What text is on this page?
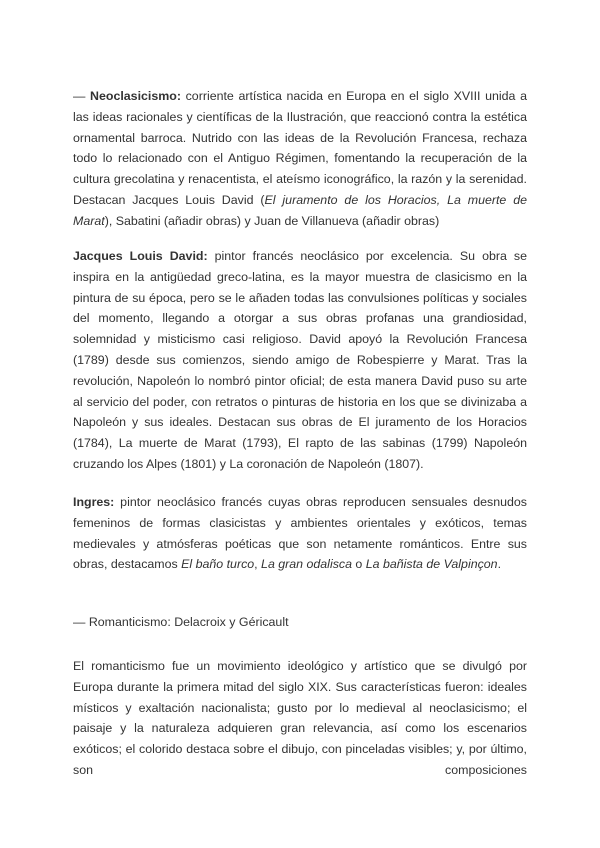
— Neoclasicismo: corriente artística nacida en Europa en el siglo XVIII unida a las ideas racionales y científicas de la Ilustración, que reaccionó contra la estética ornamental barroca. Nutrido con las ideas de la Revolución Francesa, rechaza todo lo relacionado con el Antiguo Régimen, fomentando la recuperación de la cultura grecolatina y renacentista, el ateísmo iconográfico, la razón y la serenidad. Destacan Jacques Louis David (El juramento de los Horacios, La muerte de Marat), Sabatini (añadir obras) y Juan de Villanueva (añadir obras)

Jacques Louis David: pintor francés neoclásico por excelencia. Su obra se inspira en la antigüedad greco-latina, es la mayor muestra de clasicismo en la pintura de su época, pero se le añaden todas las convulsiones políticas y sociales del momento, llegando a otorgar a sus obras profanas una grandiosidad, solemnidad y misticismo casi religioso. David apoyó la Revolución Francesa (1789) desde sus comienzos, siendo amigo de Robespierre y Marat. Tras la revolución, Napoleón lo nombró pintor oficial; de esta manera David puso su arte al servicio del poder, con retratos o pinturas de historia en los que se divinizaba a Napoleón y sus ideales. Destacan sus obras de El juramento de los Horacios (1784), La muerte de Marat (1793), El rapto de las sabinas (1799) Napoleón cruzando los Alpes (1801) y La coronación de Napoleón (1807).

Ingres: pintor neoclásico francés cuyas obras reproducen sensuales desnudos femeninos de formas clasicistas y ambientes orientales y exóticos, temas medievales y atmósferas poéticas que son netamente románticos. Entre sus obras, destacamos El baño turco, La gran odalisca o La bañista de Valpinçon.

— Romanticismo: Delacroix y Géricault

El romanticismo fue un movimiento ideológico y artístico que se divulgó por Europa durante la primera mitad del siglo XIX. Sus características fueron: ideales místicos y exaltación nacionalista; gusto por lo medieval al neoclasicismo; el paisaje y la naturaleza adquieren gran relevancia, así como los escenarios exóticos; el colorido destaca sobre el dibujo, con pinceladas visibles; y, por último, son composiciones
